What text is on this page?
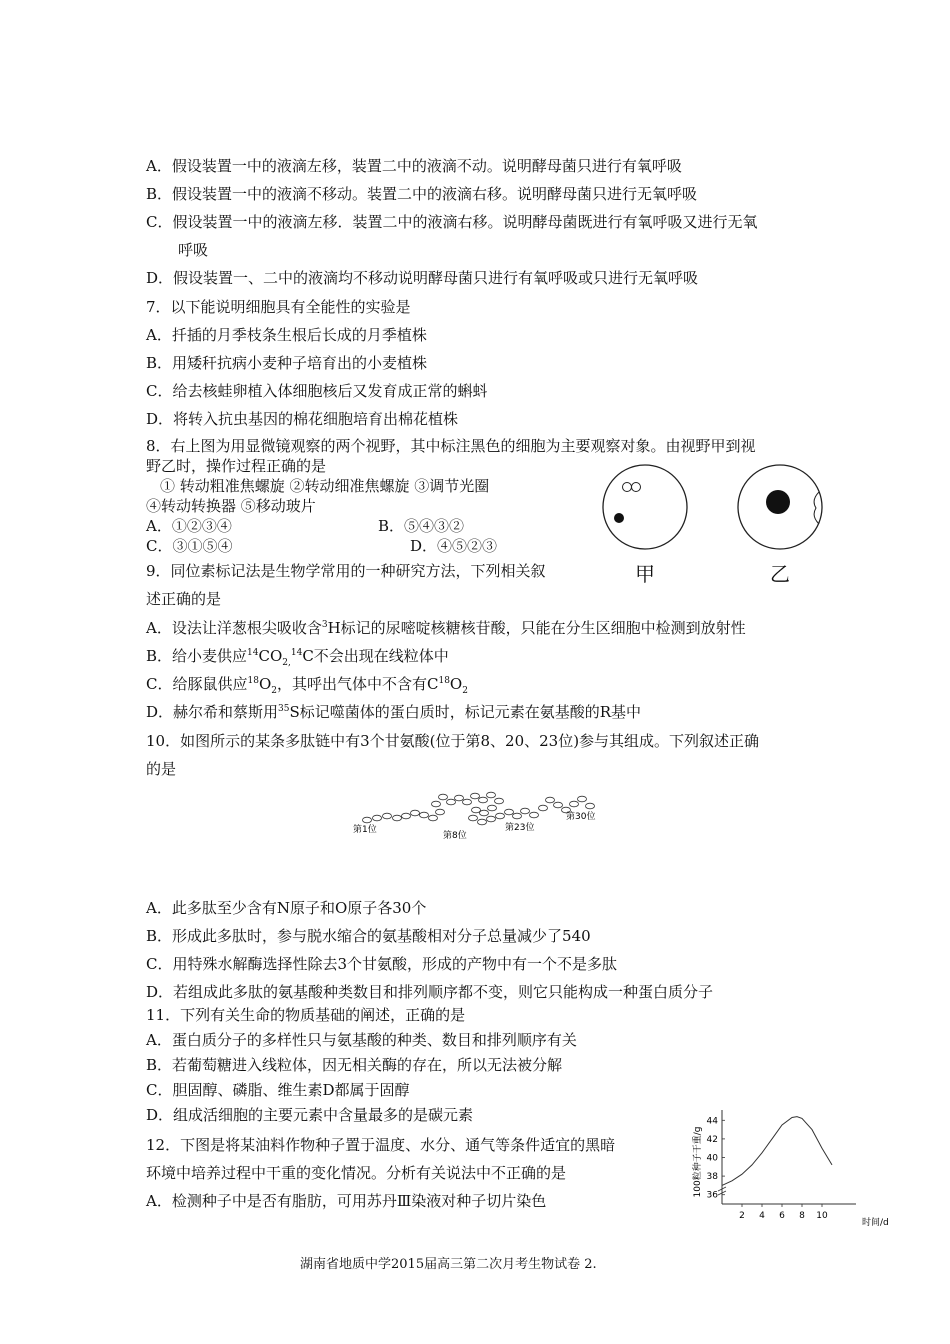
A．假设装置一中的液滴左移，装置二中的液滴不动。说明酵母菌只进行有氧呼吸
B．假设装置一中的液滴不移动。装置二中的液滴右移。说明酵母菌只进行无氧呼吸
C．假设装置一中的液滴左移．装置二中的液滴右移。说明酵母菌既进行有氧呼吸又进行无氧
呼吸
D．假设装置一、二中的液滴均不移动说明酵母菌只进行有氧呼吸或只进行无氧呼吸
7．以下能说明细胞具有全能性的实验是
A．扦插的月季枝条生根后长成的月季植株
B．用矮秆抗病小麦种子培育出的小麦植株
C．给去核蛙卵植入体细胞核后又发育成正常的蝌蚪
D．将转入抗虫基因的棉花细胞培育出棉花植株
8．右上图为用显微镜观察的两个视野，其中标注黑色的细胞为主要观察对象。由视野甲到视
野乙时，操作过程正确的是
① 转动粗准焦螺旋 ②转动细准焦螺旋 ③调节光圈
④转动转换器 ⑤移动玻片
A．①②③④	B．⑤④③②
C．③①⑤④	D．④⑤②③
甲	乙
9．同位素标记法是生物学常用的一种研究方法，下列相关叙
述正确的是
A．设法让洋葱根尖吸收含$^3$H标记的尿嘧啶核糖核苷酸，只能在分生区细胞中检测到放射性
B．给小麦供应$^{14}CO_{2,}^{14}C$不会出现在线粒体中
C．给豚鼠供应$^{18}O_2$，其呼出气体中不含有$C^{18}O_2$
D．赫尔希和蔡斯用$^{35}$S标记噬菌体的蛋白质时，标记元素在氨基酸的R基中
10．如图所示的某条多肽链中有3个甘氨酸(位于第8、20、23位)参与其组成。下列叙述正确
的是
第1位
第8位
第23位
第30位
A．此多肽至少含有N原子和O原子各30个
B．形成此多肽时，参与脱水缩合的氨基酸相对分子总量减少了540
C．用特殊水解酶选择性除去3个甘氨酸，形成的产物中有一个不是多肽
D．若组成此多肽的氨基酸种类数目和排列顺序都不变，则它只能构成一种蛋白质分子
11．下列有关生命的物质基础的阐述，正确的是
A．蛋白质分子的多样性只与氨基酸的种类、数目和排列顺序有关
B．若葡萄糖进入线粒体，因无相关酶的存在，所以无法被分解
C．胆固醇、磷脂、维生素D都属于固醇
D．组成活细胞的主要元素中含量最多的是碳元素
12．下图是将某油料作物种子置于温度、水分、通气等条件适宜的黑暗
环境中培养过程中干重的变化情况。分析有关说法中不正确的是
A．检测种子中是否有脂肪，可用苏丹Ⅲ染液对种子切片染色
100粒种子干重/g
时间/d
2 4 6 8 10
36
38
40
42
44
湖南省地质中学2015届高三第二次月考生物试卷 2.
